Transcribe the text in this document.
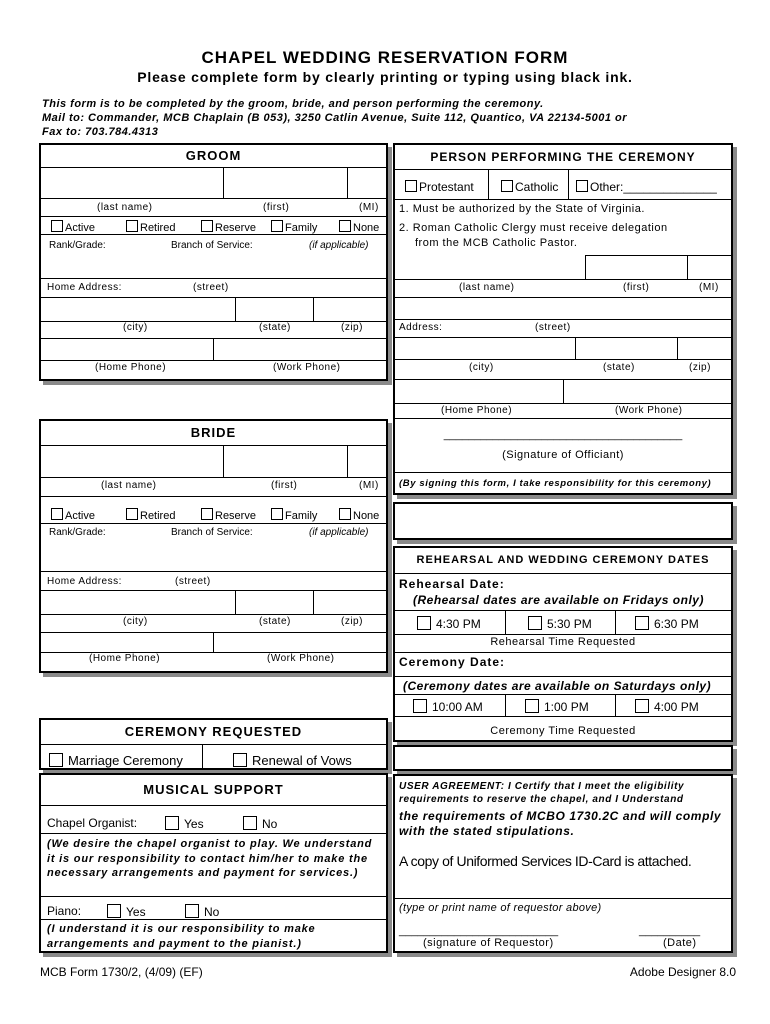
CHAPEL WEDDING RESERVATION FORM
Please complete form by clearly printing or typing using black ink.
This form is to be completed by the groom, bride, and person performing the ceremony.
Mail to: Commander, MCB Chaplain (B 053), 3250 Catlin Avenue, Suite 112, Quantico, VA 22134-5001 or
Fax to: 703.784.4313
GROOM
(last name)	(first)	(MI)
Active	Retired	Reserve	Family	None
Rank/Grade:	Branch of Service:	(if applicable)
Home Address:	(street)
(city)	(state)	(zip)
(Home Phone)	(Work Phone)
BRIDE
(last name)	(first)	(MI)
Active	Retired	Reserve	Family	None
Rank/Grade:	Branch of Service:	(if applicable)
Home Address:	(street)
(city)	(state)	(zip)
(Home Phone)	(Work Phone)
CEREMONY REQUESTED
Marriage Ceremony	Renewal of Vows
MUSICAL SUPPORT
Chapel Organist:	Yes	No
(We desire the chapel organist to play. We understand it is our responsibility to contact him/her to make the necessary arrangements and payment for services.)
Piano:	Yes	No
(I understand it is our responsibility to make arrangements and payment to the pianist.)
PERSON PERFORMING THE CEREMONY
Protestant	Catholic	Other:______________
1. Must be authorized by the State of Virginia.
2. Roman Catholic Clergy must receive delegation
from the MCB Catholic Pastor.
(last name)	(first)	(MI)
Address:	(street)
(city)	(state)	(zip)
(Home Phone)	(Work Phone)
_______________________________________
(Signature of Officiant)
(By signing this form, I take responsibility for this ceremony)
REHEARSAL AND WEDDING CEREMONY DATES
Rehearsal Date:
(Rehearsal dates are available on Fridays only)
4:30 PM	5:30 PM	6:30 PM
Rehearsal Time Requested
Ceremony Date:
(Ceremony dates are available on Saturdays only)
10:00 AM	1:00 PM	4:00 PM
Ceremony Time Requested
USER AGREEMENT: I Certify that I meet the eligibility requirements to reserve the chapel, and I Understand
the requirements of MCBO 1730.2C and will comply with the stated stipulations.
A copy of Uniformed Services ID-Card is attached.
(type or print name of requestor above)
__________________________	__________
(signature of Requestor)	(Date)
MCB Form 1730/2, (4/09) (EF)	Adobe Designer 8.0
